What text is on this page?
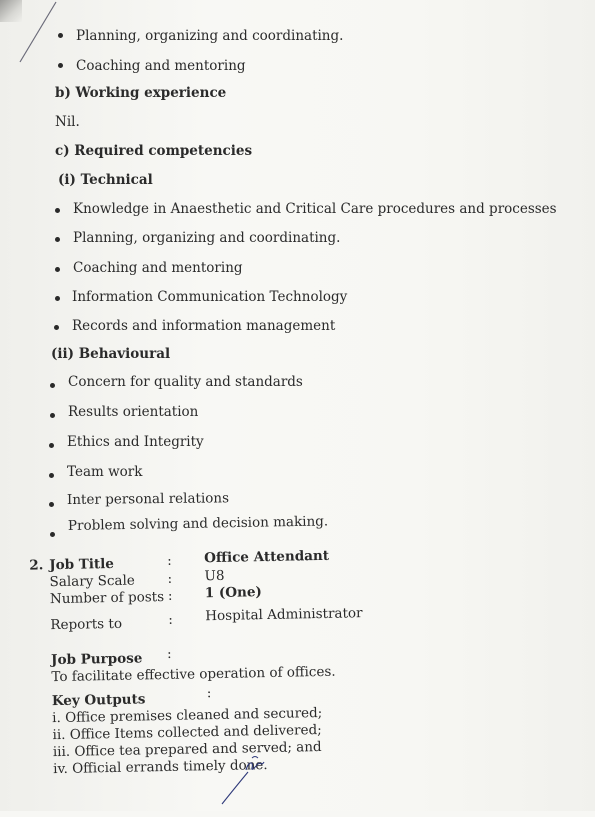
Planning, organizing and coordinating.
Coaching and mentoring
b) Working experience
Nil.
c) Required competencies
(i) Technical
Knowledge in Anaesthetic and Critical Care procedures and processes
Planning, organizing and coordinating.
Coaching and mentoring
Information Communication Technology
Records and information management
(ii) Behavioural
Concern for quality and standards
Results orientation
Ethics and Integrity
Team work
Inter personal relations
Problem solving and decision making.
2. Job Title	: Office Attendant
Salary Scale : U8
Number of posts : 1 (One)
Reports to	: Hospital Administrator
Job Purpose :
To facilitate effective operation of offices.
Key Outputs	:
i. Office premises cleaned and secured;
ii. Office Items collected and delivered;
iii. Office tea prepared and served; and
iv. Official errands timely done.
